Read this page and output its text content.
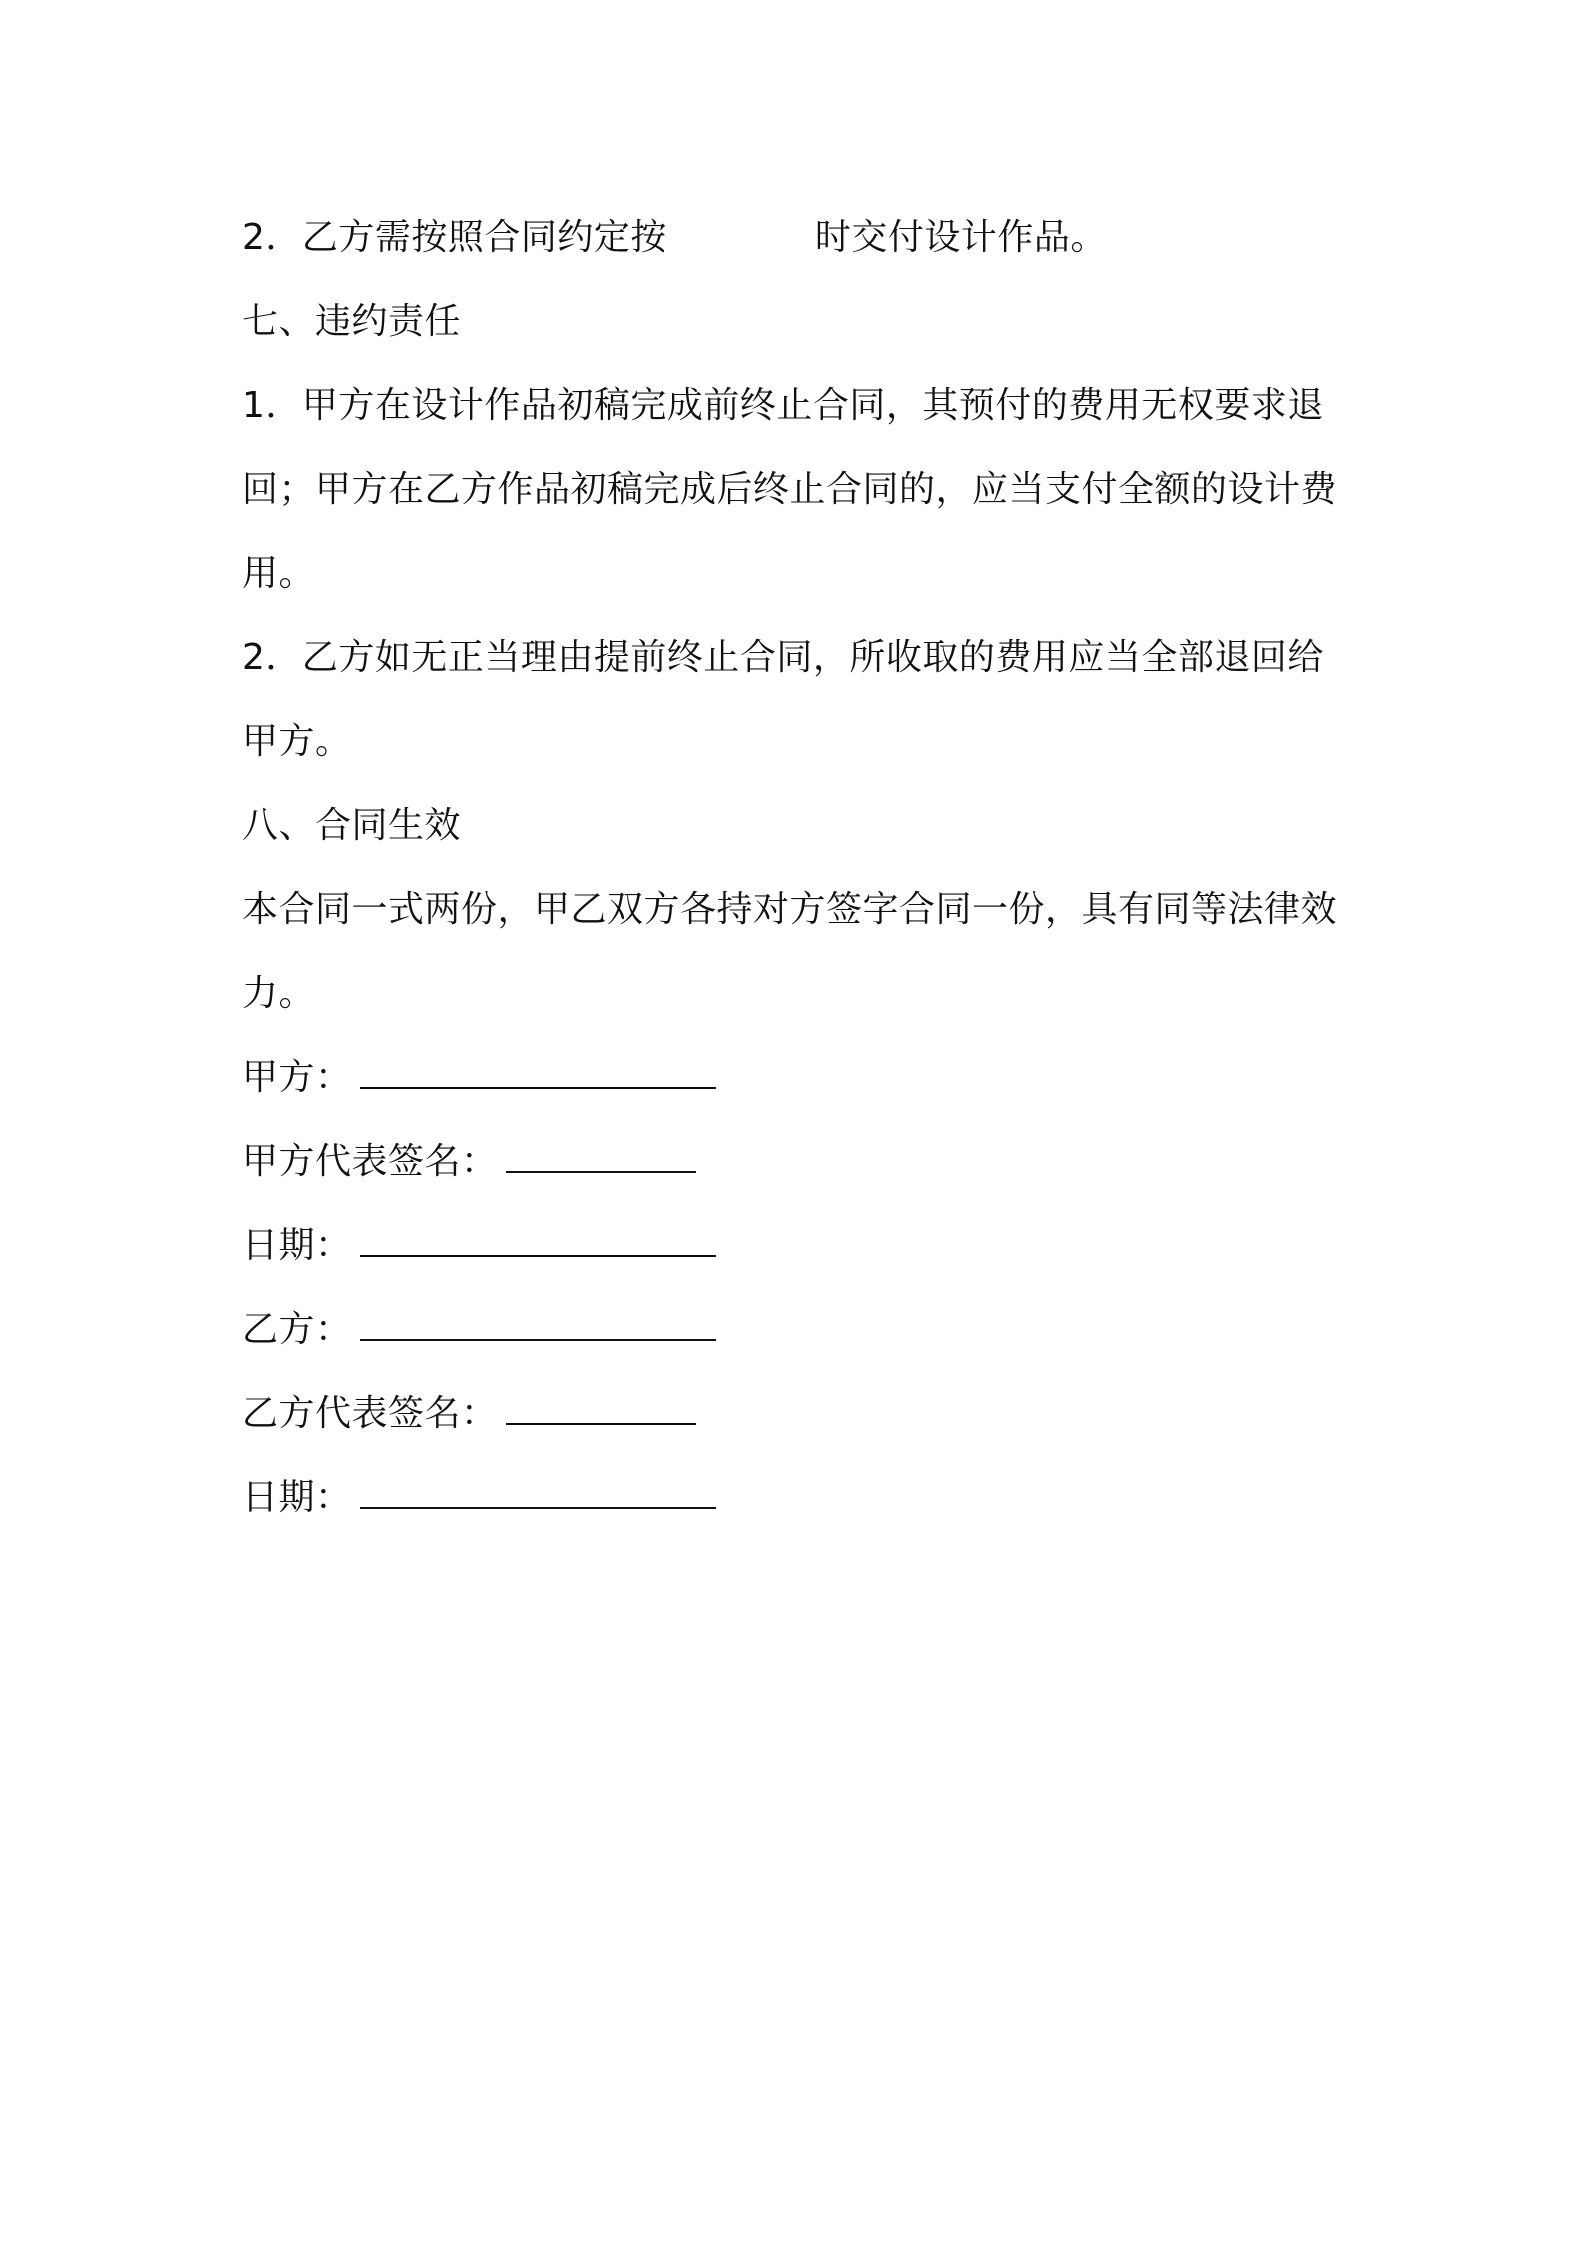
2．乙方需按照合同约定按	时交付设计作品。
七、违约责任
1．甲方在设计作品初稿完成前终止合同，其预付的费用无权要求退
回；甲方在乙方作品初稿完成后终止合同的，应当支付全额的设计费
用。
2．乙方如无正当理由提前终止合同，所收取的费用应当全部退回给
甲方。
八、合同生效
本合同一式两份，甲乙双方各持对方签字合同一份，具有同等法律效
力。
甲方：
甲方代表签名：
日期：
乙方：
乙方代表签名：
日期：
